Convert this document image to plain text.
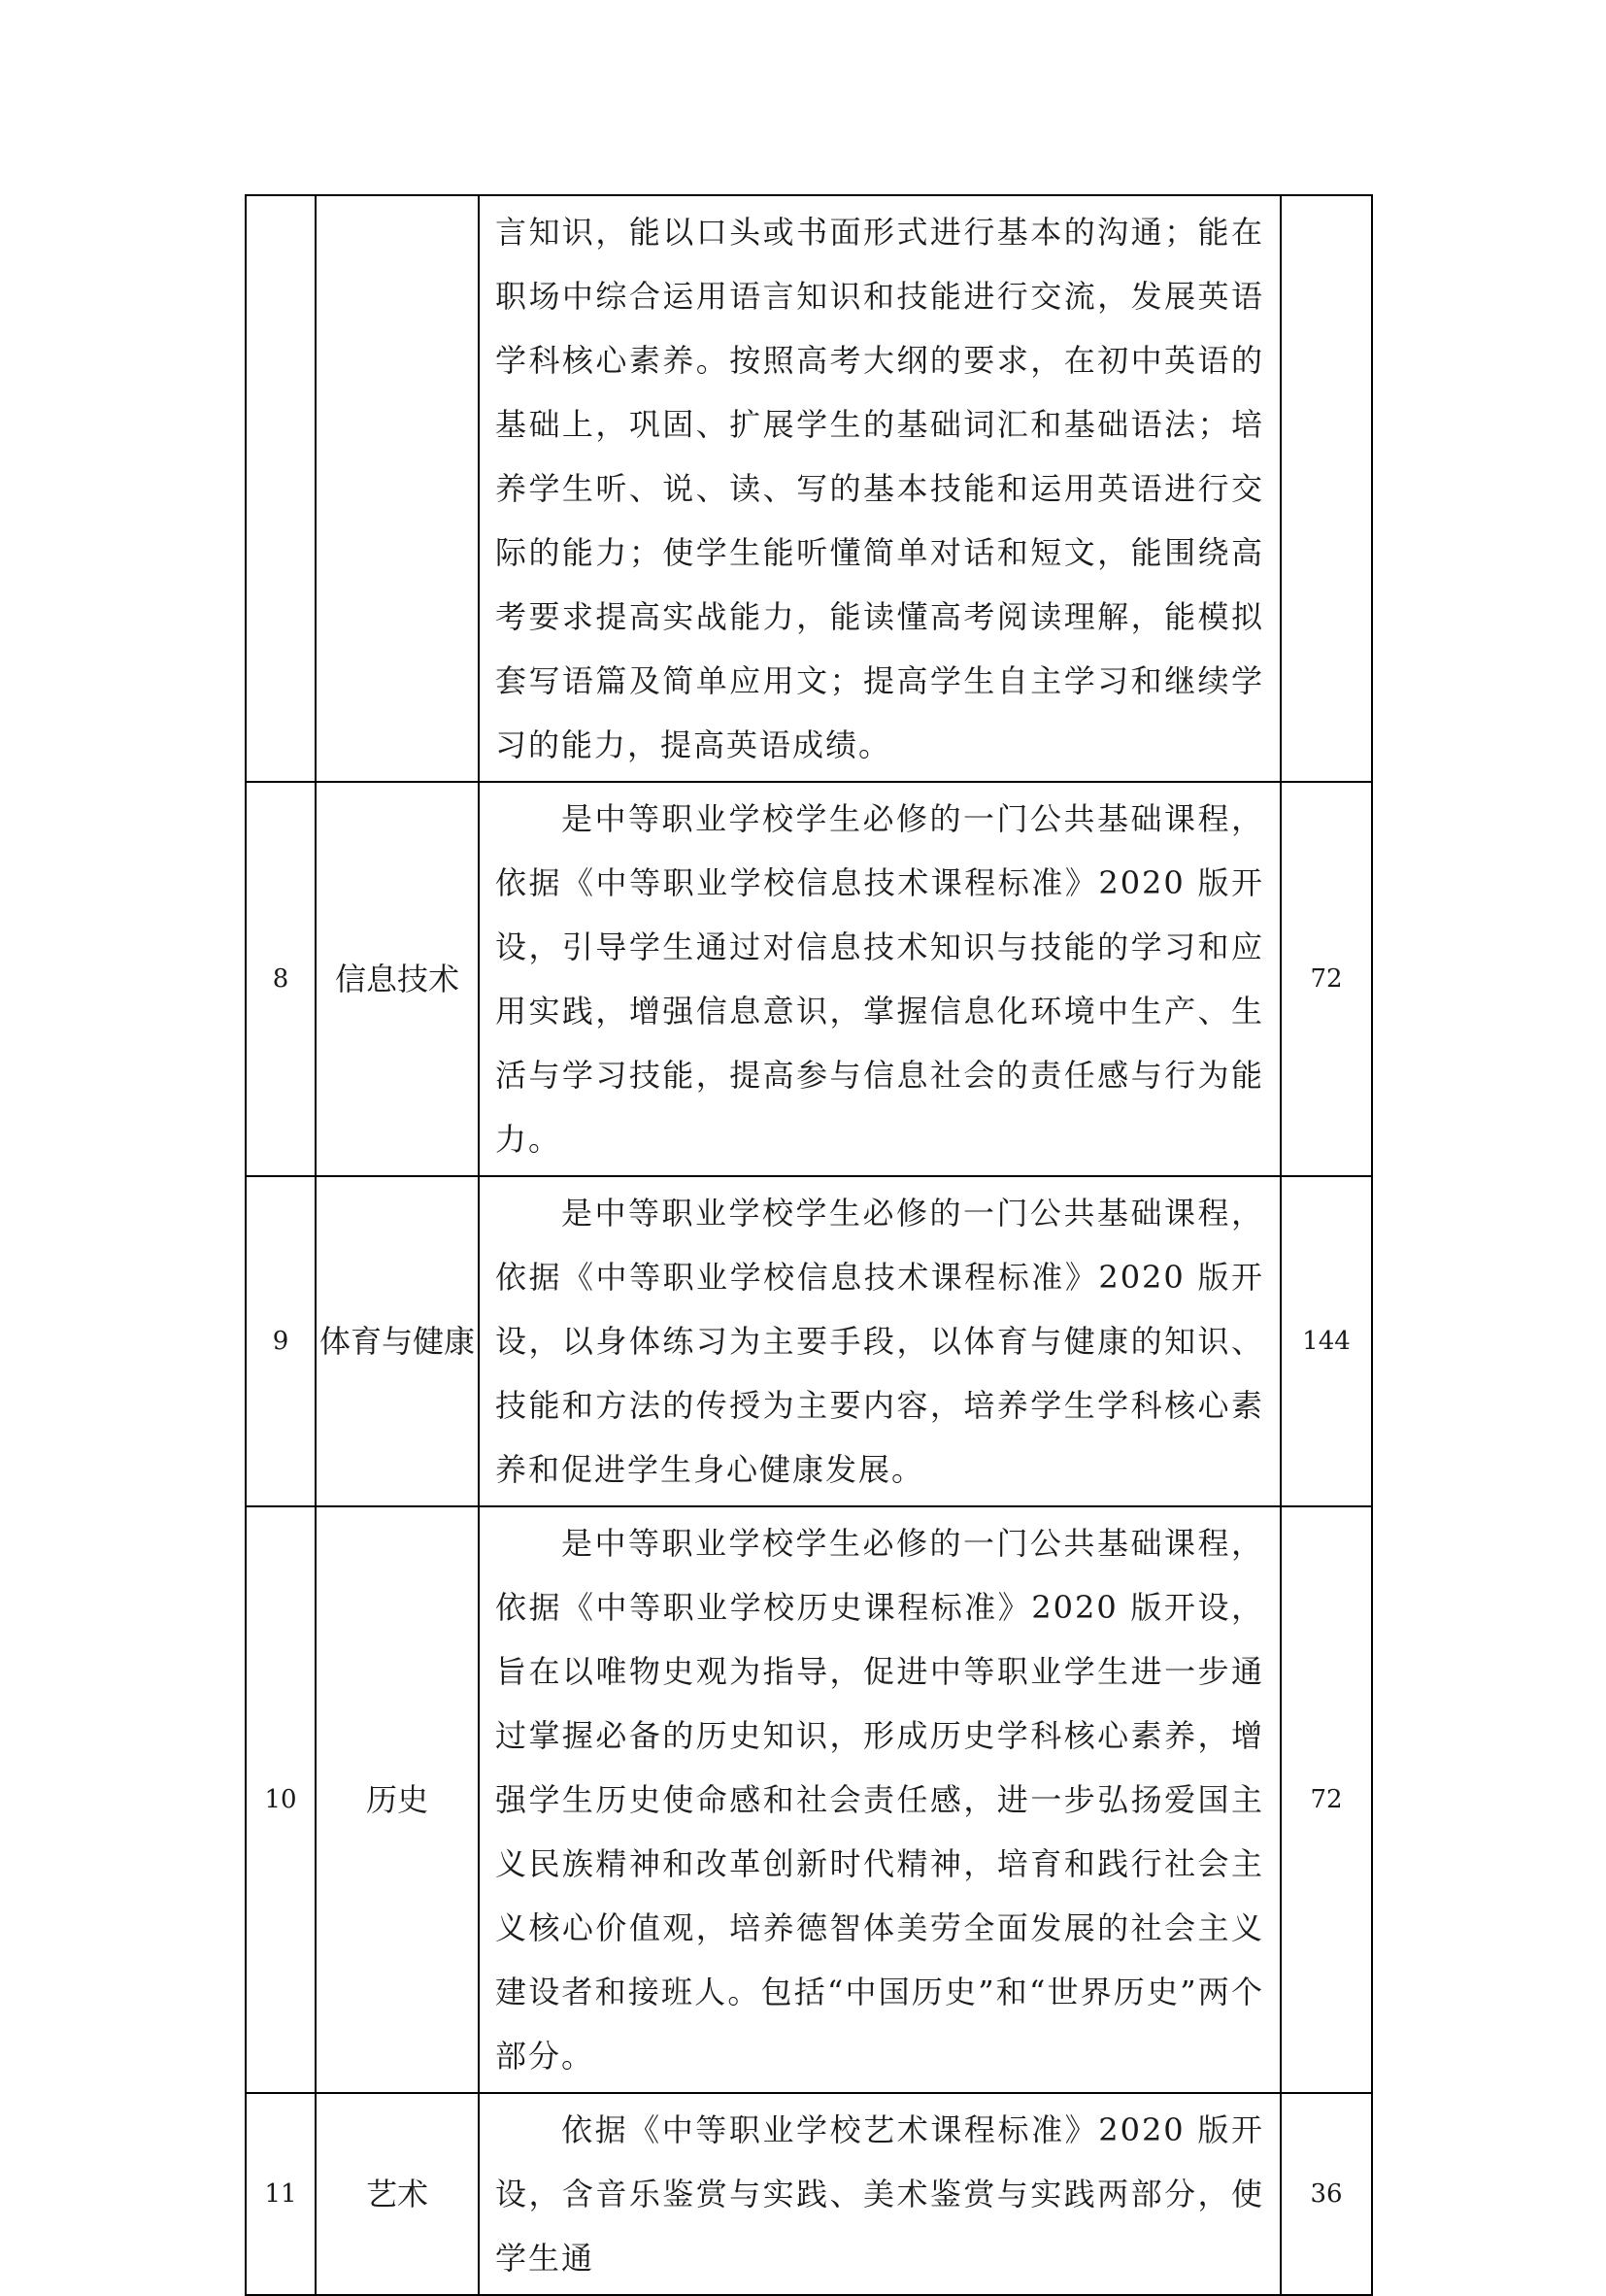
		言知识，能以口头或书面形式进行基本的沟通；能在职场中综合运用语言知识和技能进行交流，发展英语学科核心素养。按照高考大纲的要求，在初中英语的基础上，巩固、扩展学生的基础词汇和基础语法；培养学生听、说、读、写的基本技能和运用英语进行交际的能力；使学生能听懂简单对话和短文，能围绕高考要求提高实战能力，能读懂高考阅读理解，能模拟套写语篇及简单应用文；提高学生自主学习和继续学习的能力，提高英语成绩。	

8	信息技术	是中等职业学校学生必修的一门公共基础课程，依据《中等职业学校信息技术课程标准》2020 版开设，引导学生通过对信息技术知识与技能的学习和应用实践，增强信息意识，掌握信息化环境中生产、生活与学习技能，提高参与信息社会的责任感与行为能力。	72
9	体育与健康	是中等职业学校学生必修的一门公共基础课程，依据《中等职业学校信息技术课程标准》2020 版开设，以身体练习为主要手段，以体育与健康的知识、技能和方法的传授为主要内容，培养学生学科核心素养和促进学生身心健康发展。	144
10	历史	是中等职业学校学生必修的一门公共基础课程，依据《中等职业学校历史课程标准》2020 版开设，旨在以唯物史观为指导，促进中等职业学生进一步通过掌握必备的历史知识，形成历史学科核心素养，增强学生历史使命感和社会责任感，进一步弘扬爱国主义民族精神和改革创新时代精神，培育和践行社会主义核心价值观，培养德智体美劳全面发展的社会主义建设者和接班人。包括“中国历史”和“世界历史”两个部分。	72
11	艺术	依据《中等职业学校艺术课程标准》2020 版开设，含音乐鉴赏与实践、美术鉴赏与实践两部分，使学生通	36
